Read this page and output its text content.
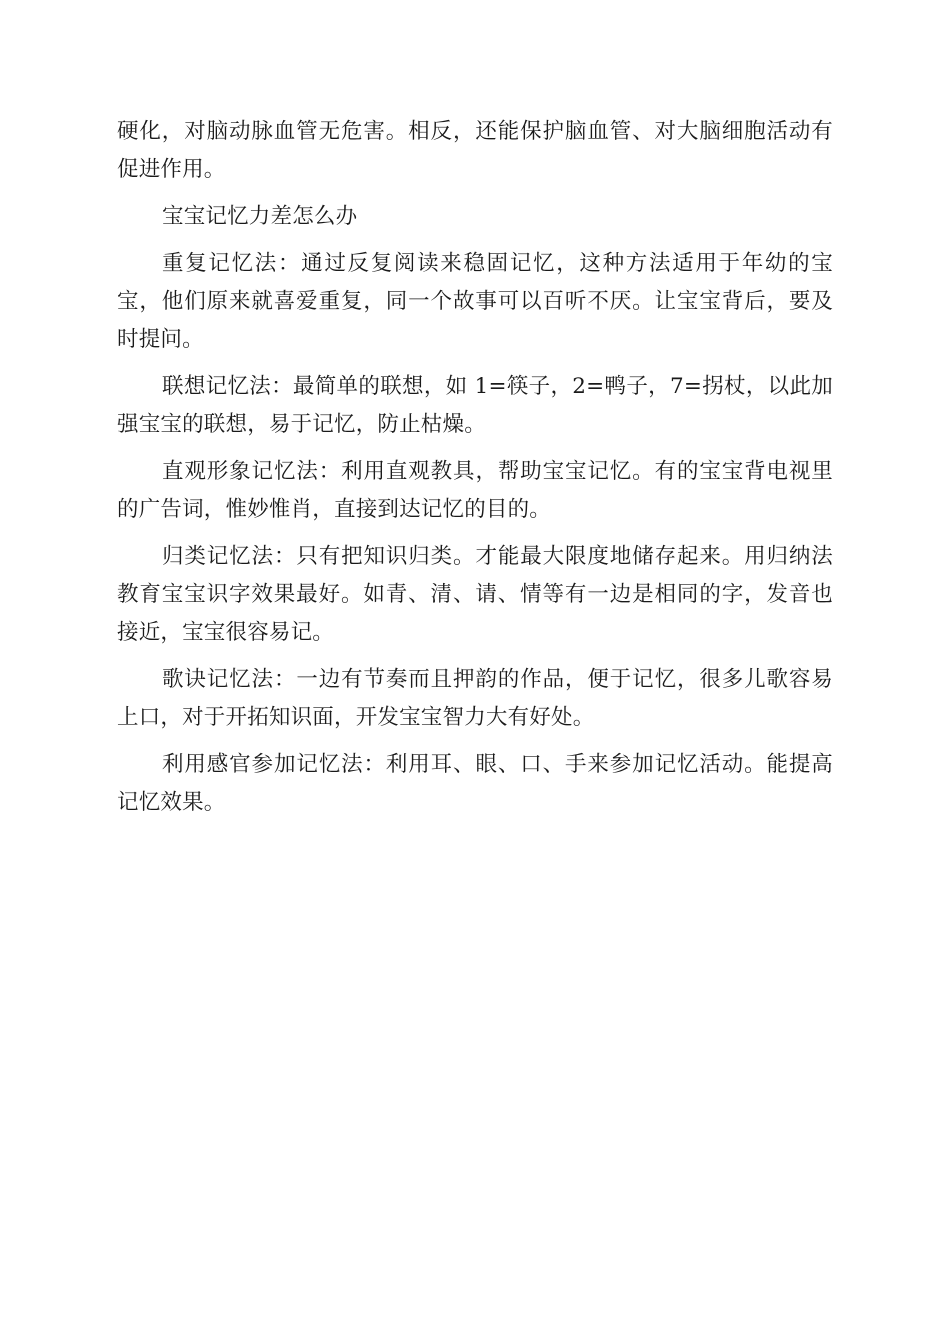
硬化，对脑动脉血管无危害。相反，还能保护脑血管、对大脑细胞活动有促进作用。

宝宝记忆力差怎么办

重复记忆法：通过反复阅读来稳固记忆，这种方法适用于年幼的宝宝，他们原来就喜爱重复，同一个故事可以百听不厌。让宝宝背后，要及时提问。

联想记忆法：最简单的联想，如 1=筷子，2=鸭子，7=拐杖，以此加强宝宝的联想，易于记忆，防止枯燥。

直观形象记忆法：利用直观教具，帮助宝宝记忆。有的宝宝背电视里的广告词，惟妙惟肖，直接到达记忆的目的。

归类记忆法：只有把知识归类。才能最大限度地储存起来。用归纳法教育宝宝识字效果最好。如青、清、请、情等有一边是相同的字，发音也接近，宝宝很容易记。

歌诀记忆法：一边有节奏而且押韵的作品，便于记忆，很多儿歌容易上口，对于开拓知识面，开发宝宝智力大有好处。

利用感官参加记忆法：利用耳、眼、口、手来参加记忆活动。能提高记忆效果。
